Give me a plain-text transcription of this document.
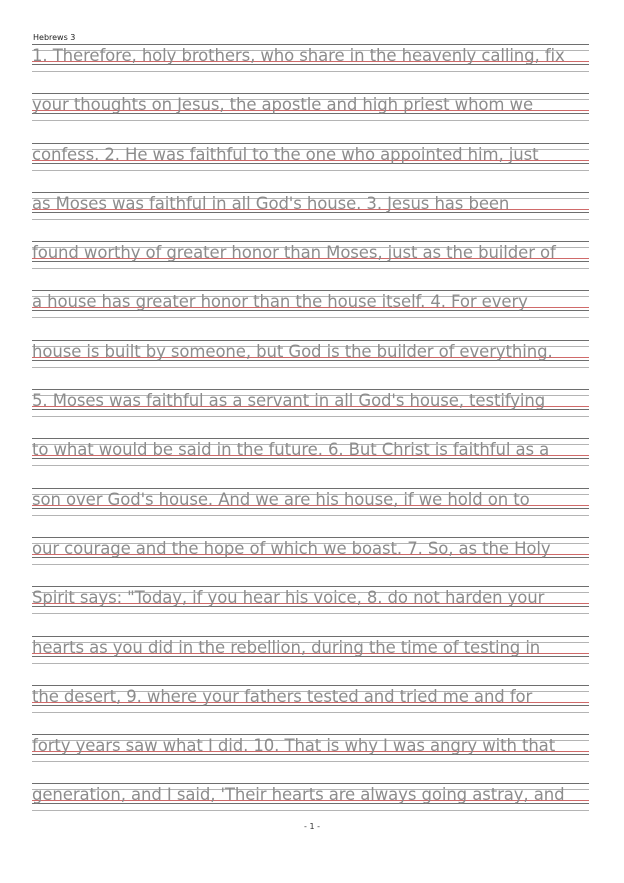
Hebrews 3
1. Therefore, holy brothers, who share in the heavenly calling, fix
your thoughts on Jesus, the apostle and high priest whom we
confess. 2. He was faithful to the one who appointed him, just
as Moses was faithful in all God's house. 3. Jesus has been
found worthy of greater honor than Moses, just as the builder of
a house has greater honor than the house itself. 4. For every
house is built by someone, but God is the builder of everything.
5. Moses was faithful as a servant in all God's house, testifying
to what would be said in the future. 6. But Christ is faithful as a
son over God's house. And we are his house, if we hold on to
our courage and the hope of which we boast. 7. So, as the Holy
Spirit says: "Today, if you hear his voice, 8. do not harden your
hearts as you did in the rebellion, during the time of testing in
the desert, 9. where your fathers tested and tried me and for
forty years saw what I did. 10. That is why I was angry with that
generation, and I said, 'Their hearts are always going astray, and
- 1 -
